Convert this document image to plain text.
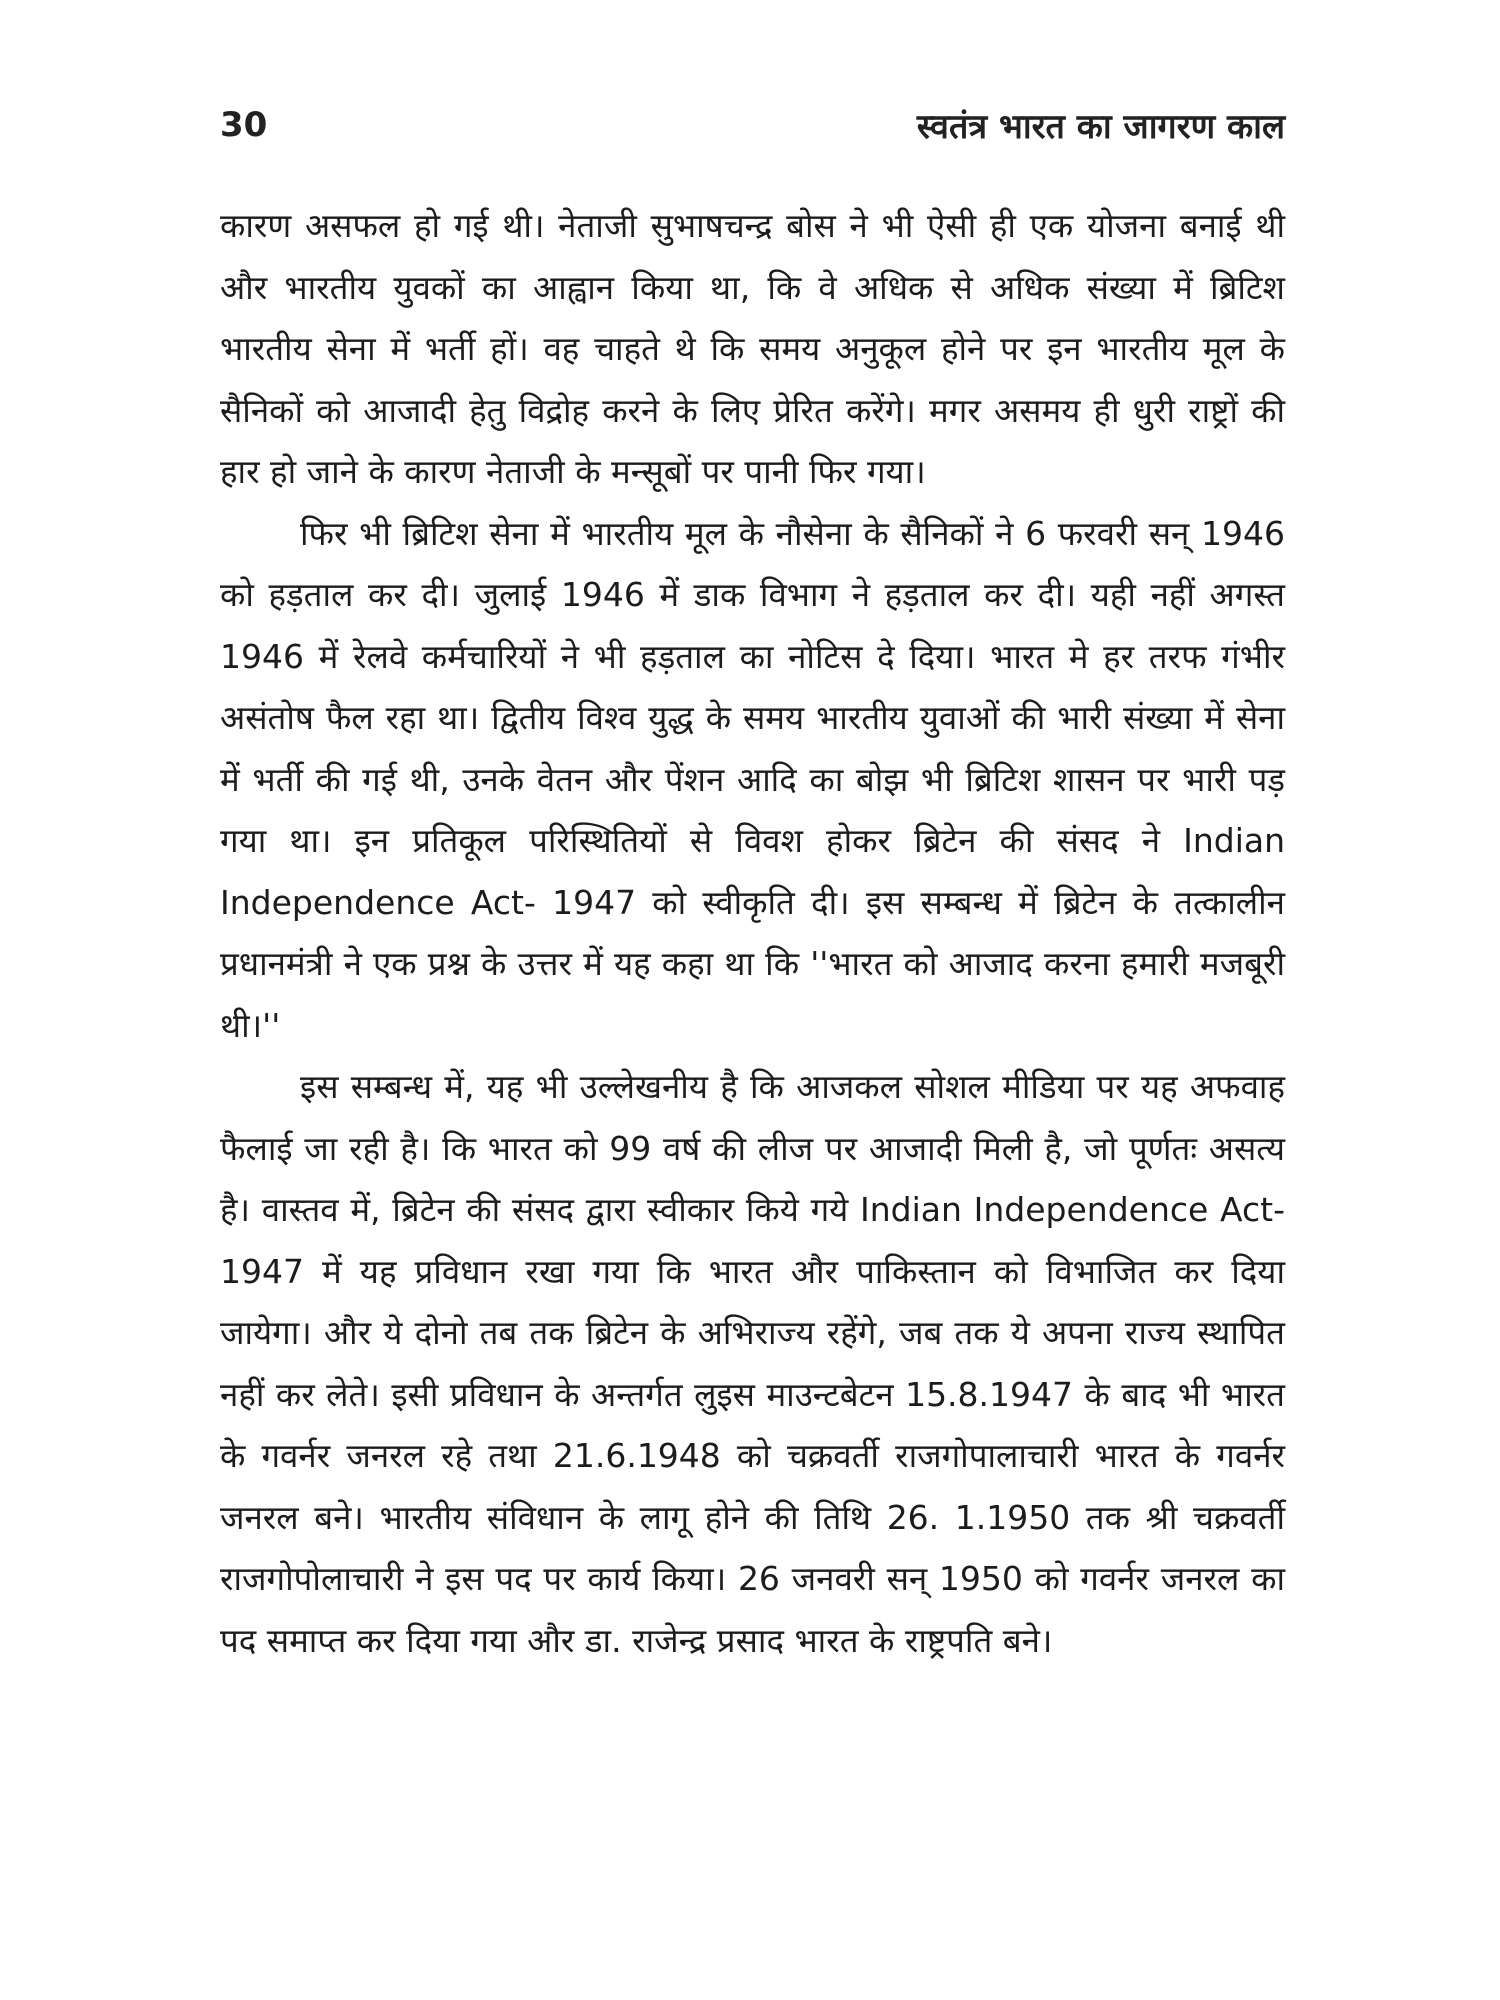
30	स्वतंत्र भारत का जागरण काल

कारण असफल हो गई थी। नेताजी सुभाषचन्द्र बोस ने भी ऐसी ही एक योजना बनाई थी और भारतीय युवकों का आह्वान किया था, कि वे अधिक से अधिक संख्या में ब्रिटिश भारतीय सेना में भर्ती हों। वह चाहते थे कि समय अनुकूल होने पर इन भारतीय मूल के सैनिकों को आजादी हेतु विद्रोह करने के लिए प्रेरित करेंगे। मगर असमय ही धुरी राष्ट्रों की हार हो जाने के कारण नेताजी के मन्सूबों पर पानी फिर गया।

फिर भी ब्रिटिश सेना में भारतीय मूल के नौसेना के सैनिकों ने 6 फरवरी सन् 1946 को हड़ताल कर दी। जुलाई 1946 में डाक विभाग ने हड़ताल कर दी। यही नहीं अगस्त 1946 में रेलवे कर्मचारियों ने भी हड़ताल का नोटिस दे दिया। भारत मे हर तरफ गंभीर असंतोष फैल रहा था। द्वितीय विश्व युद्ध के समय भारतीय युवाओं की भारी संख्या में सेना में भर्ती की गई थी, उनके वेतन और पेंशन आदि का बोझ भी ब्रिटिश शासन पर भारी पड़ गया था। इन प्रतिकूल परिस्थितियों से विवश होकर ब्रिटेन की संसद ने Indian Independence Act- 1947 को स्वीकृति दी। इस सम्बन्ध में ब्रिटेन के तत्कालीन प्रधानमंत्री ने एक प्रश्न के उत्तर में यह कहा था कि ''भारत को आजाद करना हमारी मजबूरी थी।''

इस सम्बन्ध में, यह भी उल्लेखनीय है कि आजकल सोशल मीडिया पर यह अफवाह फैलाई जा रही है। कि भारत को 99 वर्ष की लीज पर आजादी मिली है, जो पूर्णतः असत्य है। वास्तव में, ब्रिटेन की संसद द्वारा स्वीकार किये गये Indian Independence Act- 1947 में यह प्रविधान रखा गया कि भारत और पाकिस्तान को विभाजित कर दिया जायेगा। और ये दोनो तब तक ब्रिटेन के अभिराज्य रहेंगे, जब तक ये अपना राज्य स्थापित नहीं कर लेते। इसी प्रविधान के अन्तर्गत लुइस माउन्टबेटन 15.8.1947 के बाद भी भारत के गवर्नर जनरल रहे तथा 21.6.1948 को चक्रवर्ती राजगोपालाचारी भारत के गवर्नर जनरल बने। भारतीय संविधान के लागू होने की तिथि 26. 1.1950 तक श्री चक्रवर्ती राजगोपोलाचारी ने इस पद पर कार्य किया। 26 जनवरी सन् 1950 को गवर्नर जनरल का पद समाप्त कर दिया गया और डा. राजेन्द्र प्रसाद भारत के राष्ट्रपति बने।
